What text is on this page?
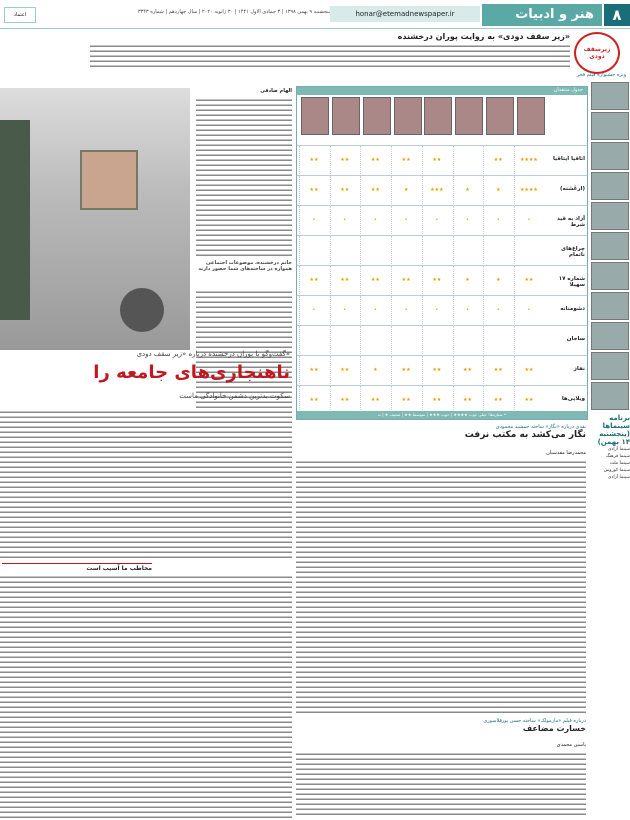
۸
هنر و ادبیات
honar@etemadnewspaper.ir
پنجشنبه ۹ بهمن ۱۳۹۸ | ۳ جمادی الاول ۱۴۴۱ | ۳۰ ژانویه ۲۰۲۰ | سال چهاردهم | شماره ۳۳۴۳
اعتماد
«زیر سقف دودی» به روایت پوران درخشنده
زیرسقف دودی
ویژه جشنواره فیلم فجر
برنامه سینماها (پنجشنبه ۱۴ بهمن)
سینما آزادی
سینما فرهنگ
سینما ملت
سینما کوروش
سینما آزادی
جدول منتقدان
اتاقیا ایتاقیا
★★★★
★★
★★
★★
★★
★★
★★
(ارغَشته)
★★★★
★
★
★★★
★
★★
★★
★★
آزاد به قید شرط
•
•
•
•
•
•
•
•
چراغ‌های ناتمام
شماره ۱۷ سهیلا
★★
★
★
★★
★★
★★
★★
★★
دشومنانه
•
•
•
•
•
•
•
•
ساجان
نفاز
★★
★★
★★
★★
★★
★
★★
★★
ویلایی‌ها
★★
★★
★★
★★
★★
★★
★★
★★
ستاره‌ها: خیلی خوب ★★★★ | خوب ★★★ | متوسط ★★ | ضعیف ★ | بد •
نقدی درباره «نگار» ساخته جمشید محمودی
نگار می‌کشد به مکتب نرفت
محمدرضا مقدسیان
درباره فیلم «مارمولک» ساخته حسن پورفلاسوری
خسارت مضاعف
یاسین محمدی
الهام صادقی
خانم درخشنده، موضوعات اجتماعی همواره در ساخته‌های شما حضور دارند
گفت‌وگو با پوران درخشنده درباره «زیر سقف دودی»
ناهنجاری‌های جامعه را
سکوت بدترین دشمن خانوادگی ماست
مخاطب ما آسیب است
